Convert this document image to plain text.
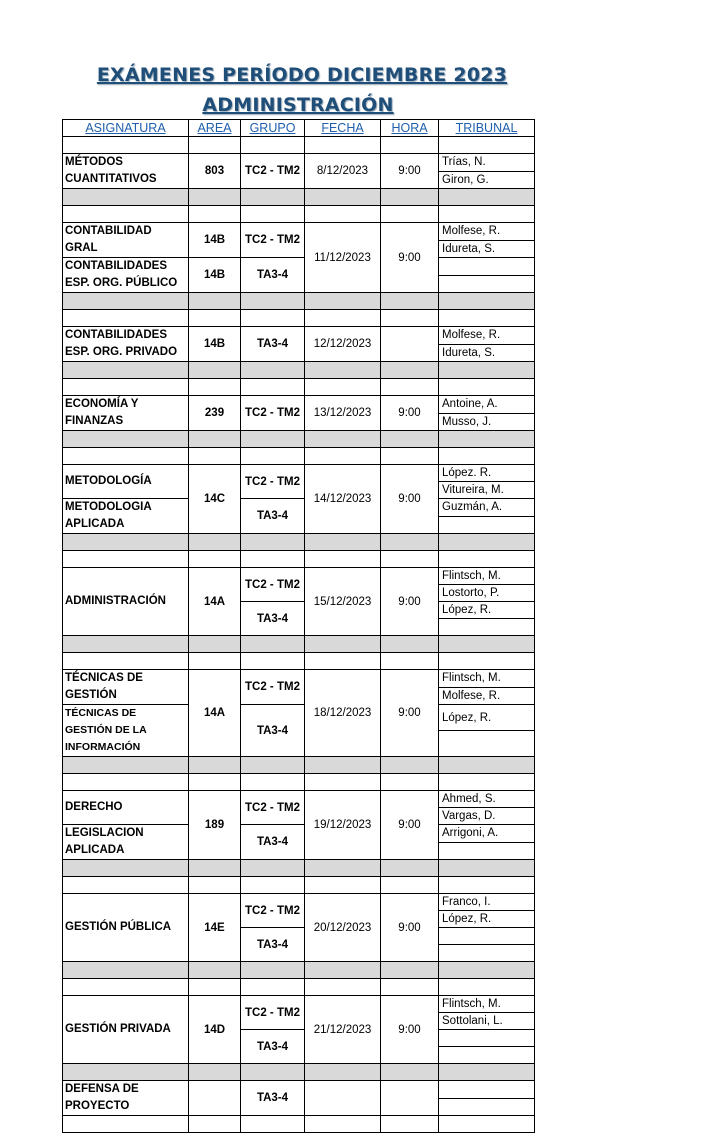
EXÁMENES PERÍODO DICIEMBRE 2023
ADMINISTRACIÓN
ASIGNATURA	AREA	GRUPO	FECHA	HORA	TRIBUNAL

MÉTODOS CUANTITATIVOS	803	TC2 - TM2	8/12/2023	9:00	Trías, N.
					Giron, G.

CONTABILIDAD GRAL	14B	TC2 - TM2	11/12/2023	9:00	Molfese, R.
					Idureta, S.
CONTABILIDADES ESP. ORG. PÚBLICO	14B	TA3-4			

CONTABILIDADES ESP. ORG. PRIVADO	14B	TA3-4	12/12/2023		Molfese, R.
					Idureta, S.

ECONOMÍA Y FINANZAS	239	TC2 - TM2	13/12/2023	9:00	Antoine, A.
					Musso, J.

METODOLOGÍA	14C	TC2 - TM2	14/12/2023	9:00	López. R.
					Vitureira, M.
METODOLOGIA APLICADA		TA3-4			Guzmán, A.

ADMINISTRACIÓN	14A	TC2 - TM2	15/12/2023	9:00	Flintsch, M.
					Lostorto, P.
		TA3-4			López, R.

TÉCNICAS DE GESTIÓN	14A	TC2 - TM2	18/12/2023	9:00	Flintsch, M.
					Molfese, R.
TÉCNICAS DE GESTIÓN DE LA INFORMACIÓN		TA3-4			López, R.

DERECHO	189	TC2 - TM2	19/12/2023	9:00	Ahmed, S.
					Vargas, D.
LEGISLACION APLICADA		TA3-4			Arrigoni, A.

GESTIÓN PÚBLICA	14E	TC2 - TM2	20/12/2023	9:00	Franco, I.
					López, R.
		TA3-4			

GESTIÓN PRIVADA	14D	TC2 - TM2	21/12/2023	9:00	Flintsch, M.
					Sottolani, L.
		TA3-4			

DEFENSA DE PROYECTO		TA3-4			
